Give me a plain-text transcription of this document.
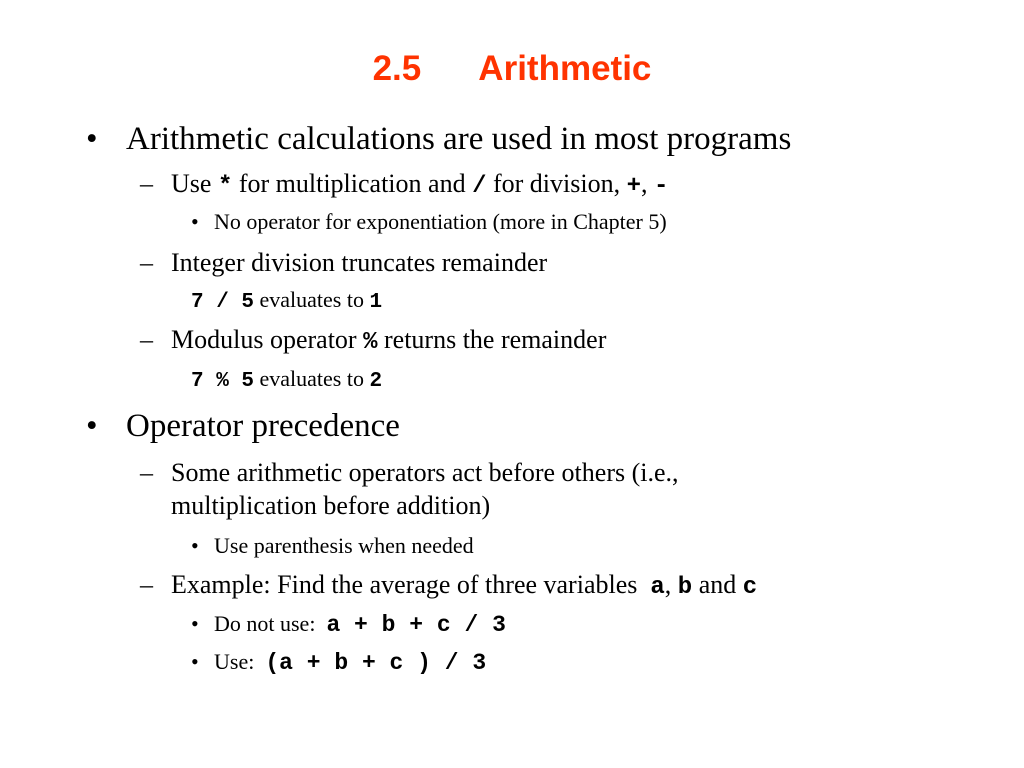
2.5 Arithmetic
• Arithmetic calculations are used in most programs
– Use * for multiplication and / for division, +, -
• No operator for exponentiation (more in Chapter 5)
– Integer division truncates remainder
7 / 5 evaluates to 1
– Modulus operator % returns the remainder
7 % 5 evaluates to 2
• Operator precedence
– Some arithmetic operators act before others (i.e.,
multiplication before addition)
• Use parenthesis when needed
– Example: Find the average of three variables  a, b and c
• Do not use:  a + b + c / 3
• Use:  (a + b + c ) / 3
